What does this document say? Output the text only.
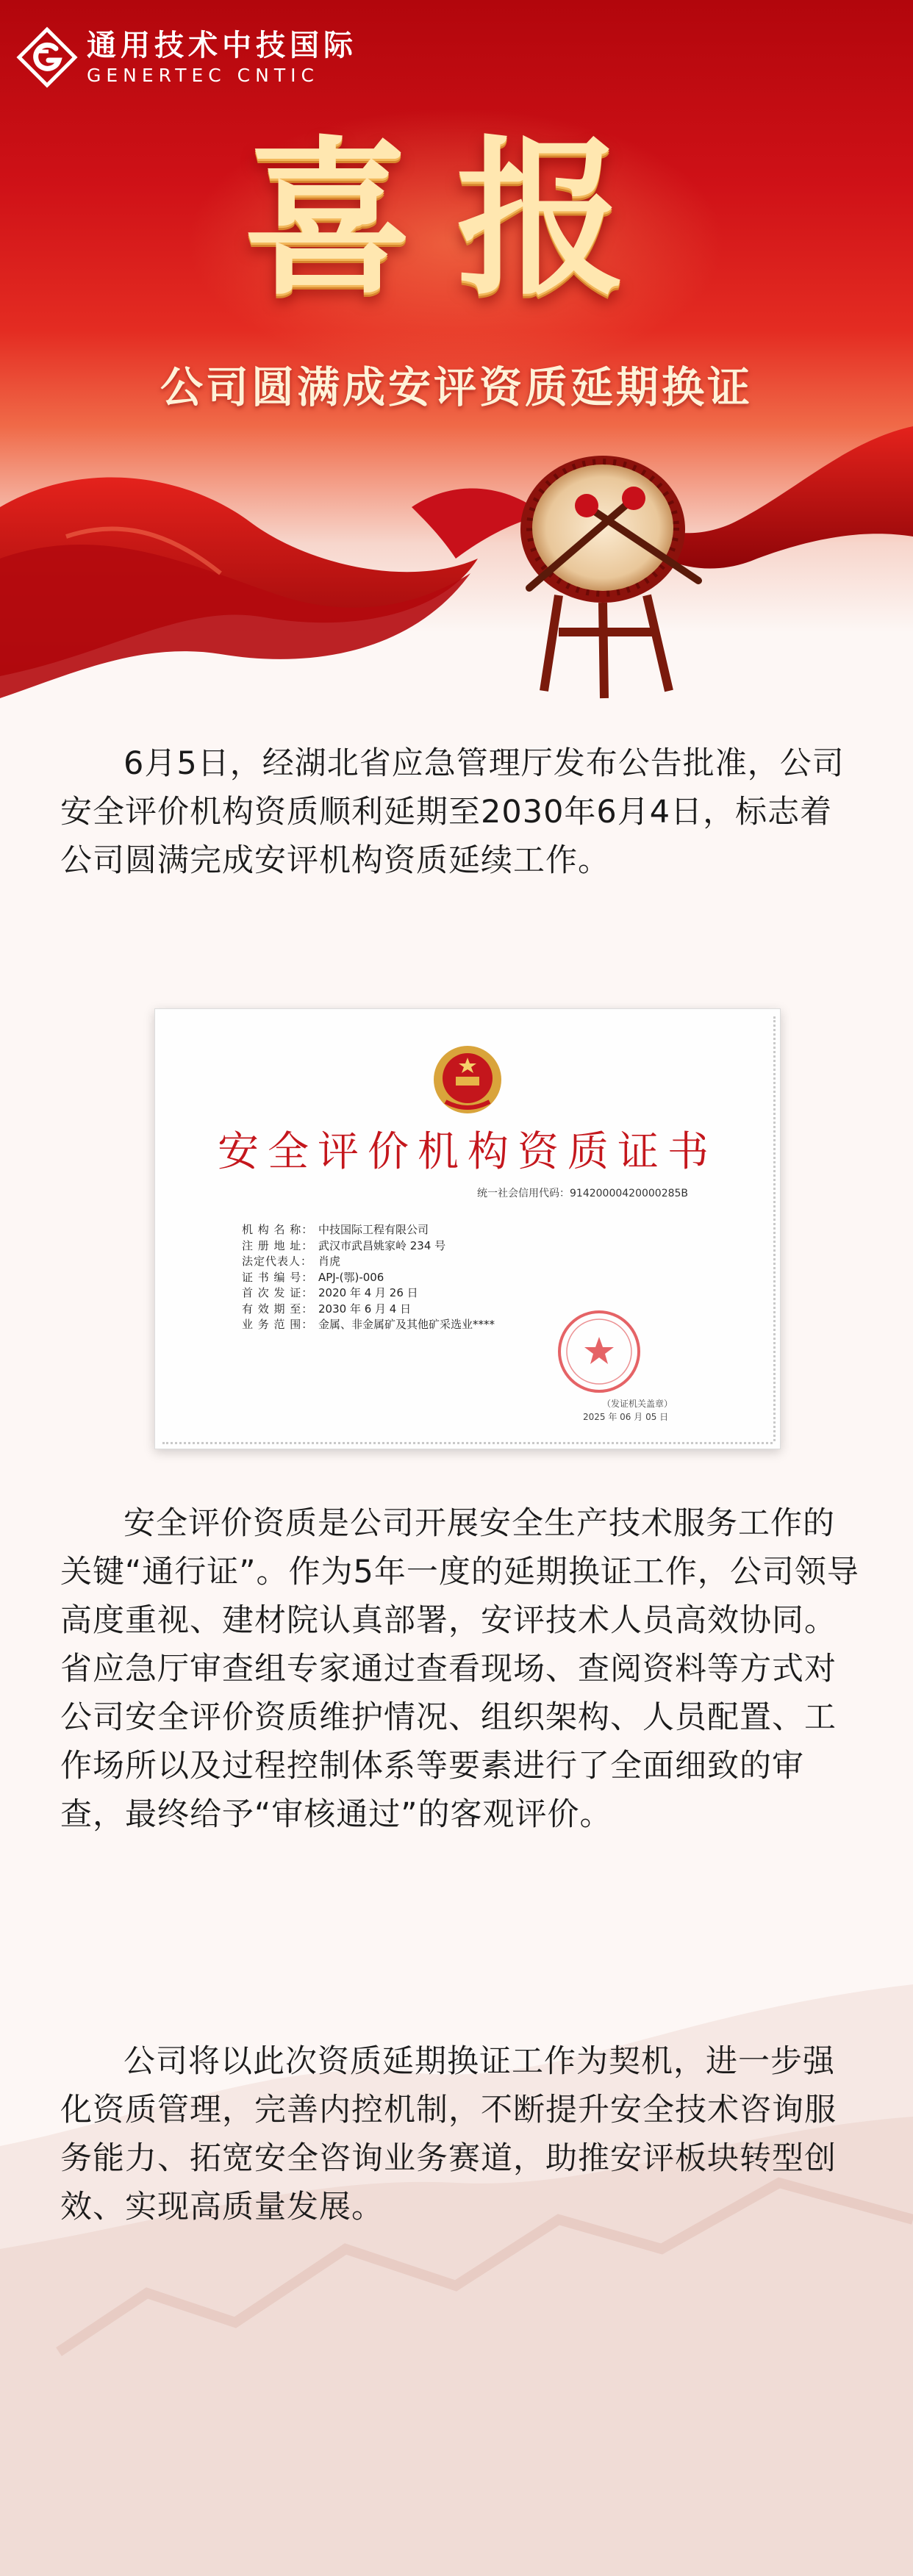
通用技术中技国际
GENERTEC CNTIC
喜报
公司圆满成安评资质延期换证

6月5日，经湖北省应急管理厅发布公告批准，公司安全评价机构资质顺利延期至2030年6月4日，标志着公司圆满完成安评机构资质延续工作。

安全评价机构资质证书
统一社会信用代码：91420000420000285B
机 构 名 称： 中技国际工程有限公司
注 册 地 址： 武汉市武昌姚家岭 234 号
法定代表人： 肖虎
证 书 编 号： APJ-(鄂)-006
首 次 发 证： 2020 年 4 月 26 日
有 效 期 至： 2030 年 6 月 4 日
业 务 范 围： 金属、非金属矿及其他矿采选业****
（发证机关盖章）
2025 年 06 月 05 日

安全评价资质是公司开展安全生产技术服务工作的关键“通行证”。作为5年一度的延期换证工作，公司领导高度重视、建材院认真部署，安评技术人员高效协同。省应急厅审查组专家通过查看现场、查阅资料等方式对公司安全评价资质维护情况、组织架构、人员配置、工作场所以及过程控制体系等要素进行了全面细致的审查，最终给予“审核通过”的客观评价。

公司将以此次资质延期换证工作为契机，进一步强化资质管理，完善内控机制，不断提升安全技术咨询服务能力、拓宽安全咨询业务赛道，助推安评板块转型创效、实现高质量发展。
